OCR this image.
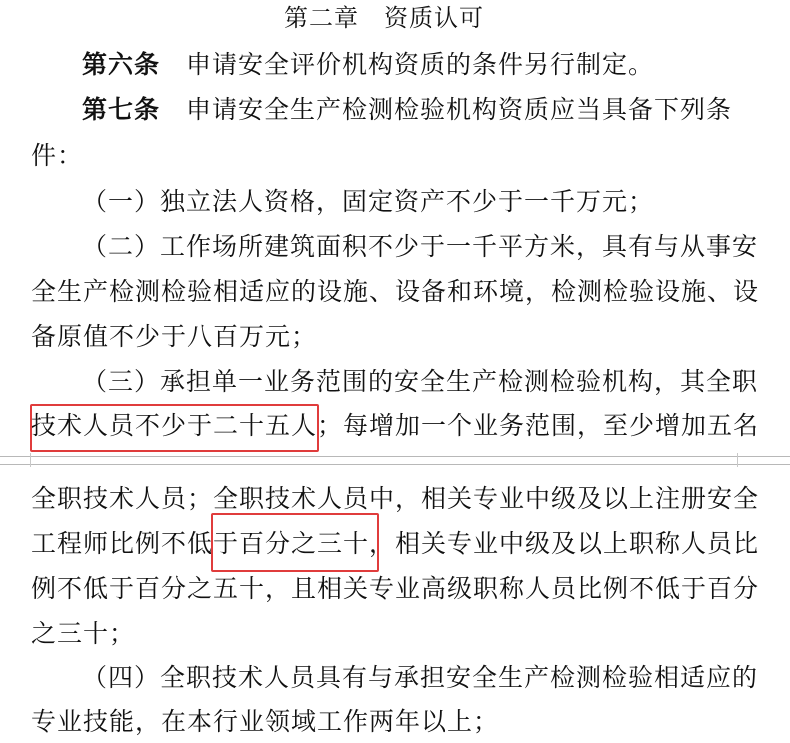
第二章　资质认可
第六条 申请安全评价机构资质的条件另行制定。
第七条 申请安全生产检测检验机构资质应当具备下列条
件：
（一）独立法人资格，固定资产不少于一千万元；
（二）工作场所建筑面积不少于一千平方米，具有与从事安
全生产检测检验相适应的设施、设备和环境，检测检验设施、设
备原值不少于八百万元；
（三）承担单一业务范围的安全生产检测检验机构，其全职
技术人员不少于二十五人；每增加一个业务范围，至少增加五名
全职技术人员；全职技术人员中，相关专业中级及以上注册安全
工程师比例不低于百分之三十，相关专业中级及以上职称人员比
例不低于百分之五十，且相关专业高级职称人员比例不低于百分
之三十；
（四）全职技术人员具有与承担安全生产检测检验相适应的
专业技能，在本行业领域工作两年以上；
